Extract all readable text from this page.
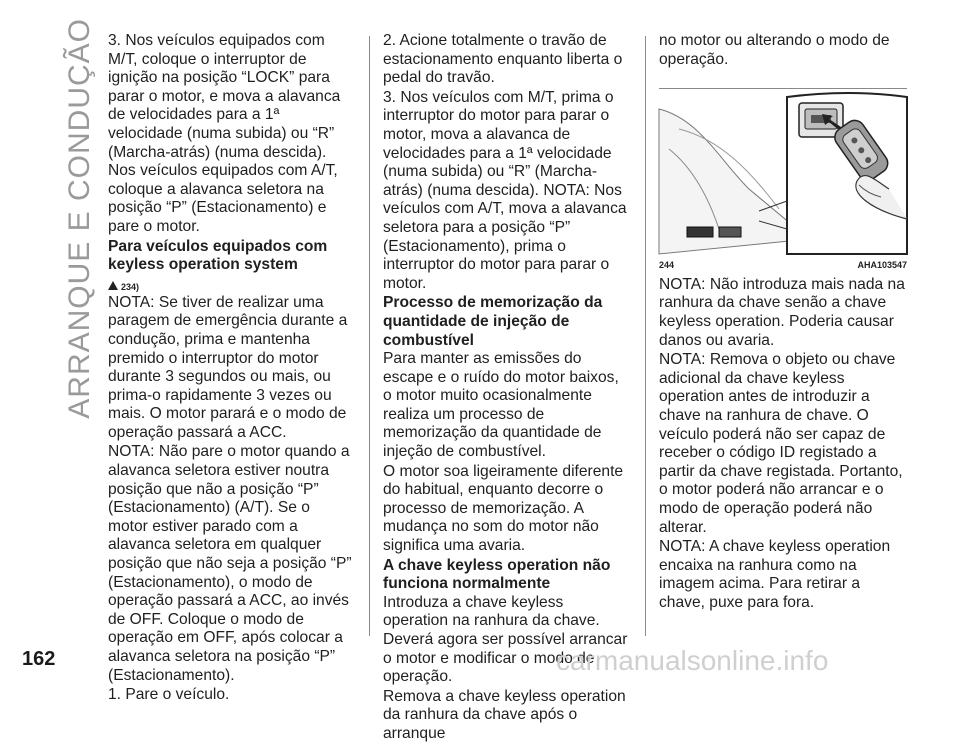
ARRANQUE E CONDUÇÃO 3. Nos veículos equipados com M/T, coloque o interruptor de ignição na posição “LOCK” para parar o motor, e mova a alavanca de velocidades para a 1ª velocidade (numa subida) ou “R” (Marcha-atrás) (numa descida). Nos veículos equipados com A/T, coloque a alavanca seletora na posição “P” (Estacionamento) e pare o motor.

Para veículos equipados com keyless operation system
234)

NOTA: Se tiver de realizar uma paragem de emergência durante a condução, prima e mantenha premido o interruptor do motor durante 3 segundos ou mais, ou prima-o rapidamente 3 vezes ou mais. O motor parará e o modo de operação passará a ACC.

NOTA: Não pare o motor quando a alavanca seletora estiver noutra posição que não a posição “P” (Estacionamento) (A/T). Se o motor estiver parado com a alavanca seletora em qualquer posição que não seja a posição “P” (Estacionamento), o modo de operação passará a ACC, ao invés de OFF. Coloque o modo de operação em OFF, após colocar a alavanca seletora na posição “P” (Estacionamento).

1. Pare o veículo.

2. Acione totalmente o travão de estacionamento enquanto liberta o pedal do travão.

3. Nos veículos com M/T, prima o interruptor do motor para parar o motor, mova a alavanca de velocidades para a 1ª velocidade (numa subida) ou “R” (Marcha-atrás) (numa descida). NOTA: Nos veículos com A/T, mova a alavanca seletora para a posição “P” (Estacionamento), prima o interruptor do motor para parar o motor.

Processo de memorização da quantidade de injeção de combustível

Para manter as emissões do escape e o ruído do motor baixos, o motor muito ocasionalmente realiza um processo de memorização da quantidade de injeção de combustível.

O motor soa ligeiramente diferente do habitual, enquanto decorre o processo de memorização. A mudança no som do motor não significa uma avaria.

A chave keyless operation não funciona normalmente

Introduza a chave keyless operation na ranhura da chave. Deverá agora ser possível arrancar o motor e modificar o modo de operação.

Remova a chave keyless operation da ranhura da chave após o arranque

no motor ou alterando o modo de operação.

244	AHA103547

NOTA: Não introduza mais nada na ranhura da chave senão a chave keyless operation. Poderia causar danos ou avaria.

NOTA: Remova o objeto ou chave adicional da chave keyless operation antes de introduzir a chave na ranhura de chave. O veículo poderá não ser capaz de receber o código ID registado a partir da chave registada. Portanto, o motor poderá não arrancar e o modo de operação poderá não alterar.

NOTA: A chave keyless operation encaixa na ranhura como na imagem acima. Para retirar a chave, puxe para fora.

162	carmanualsonline.info
